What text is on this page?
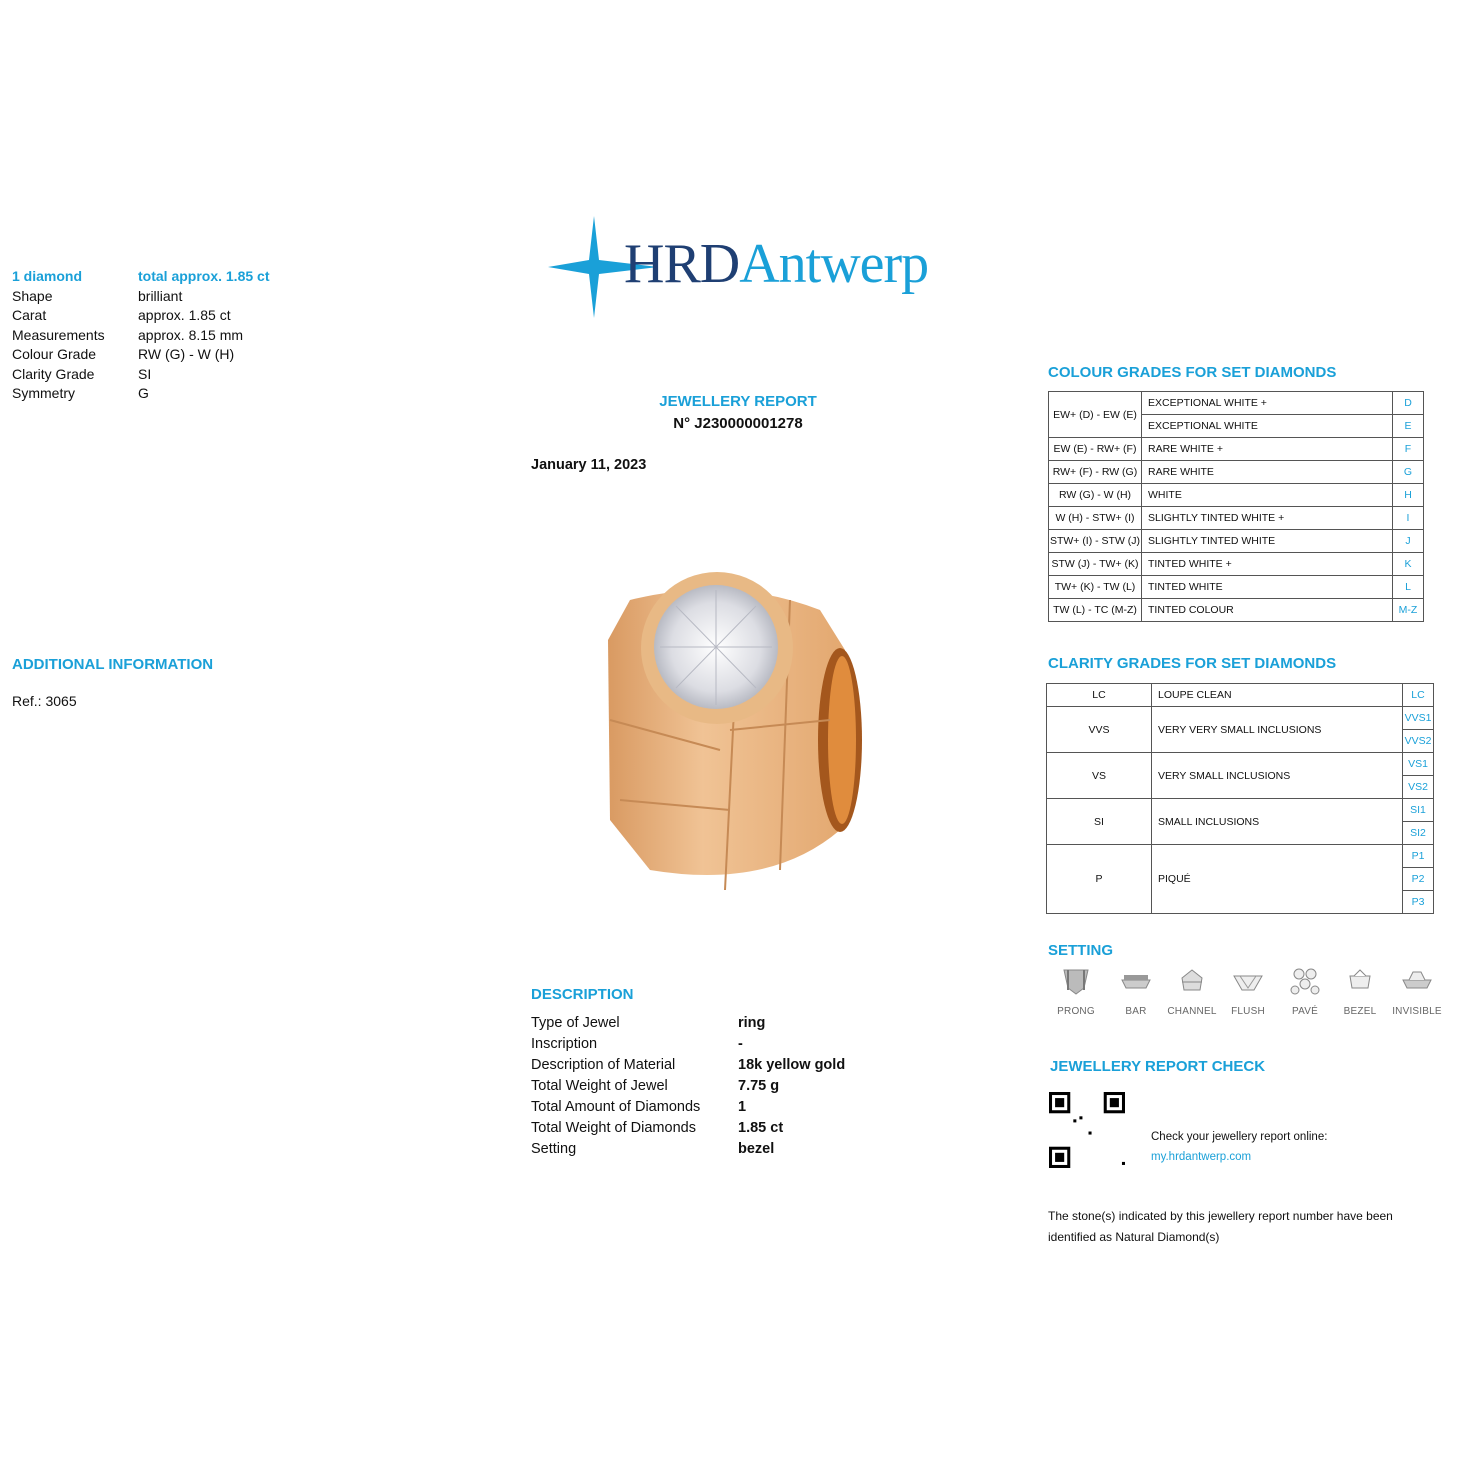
HRDAntwerp
1 diamond	total approx. 1.85 ct
Shape	brilliant
Carat	approx. 1.85 ct
Measurements approx. 8.15 mm
Colour Grade	RW (G) - W (H)
Clarity Grade	SI
Symmetry	G
ADDITIONAL INFORMATION
Ref.: 3065
JEWELLERY REPORT
N° J230000001278
January 11, 2023
DESCRIPTION
Type of Jewel	ring
Inscription	-
Description of Material	18k yellow gold
Total Weight of Jewel	7.75 g
Total Amount of Diamonds	1
Total Weight of Diamonds	1.85 ct
Setting	bezel
COLOUR GRADES FOR SET DIAMONDS
EW+ (D) - EW (E)	EXCEPTIONAL WHITE +	D
	EXCEPTIONAL WHITE	E
EW (E) - RW+ (F)	RARE WHITE +	F
RW+ (F) - RW (G)	RARE WHITE	G
RW (G) - W (H)	WHITE	H
W (H) - STW+ (I)	SLIGHTLY TINTED WHITE +	I
STW+ (I) - STW (J)	SLIGHTLY TINTED WHITE	J
STW (J) - TW+ (K)	TINTED WHITE +	K
TW+ (K) - TW (L)	TINTED WHITE	L
TW (L) - TC (M-Z)	TINTED COLOUR	M-Z
CLARITY GRADES FOR SET DIAMONDS
LC	LOUPE CLEAN	LC
VVS	VERY VERY SMALL INCLUSIONS	VVS1
		VVS2
VS	VERY SMALL INCLUSIONS	VS1
		VS2
SI	SMALL INCLUSIONS	SI1
		SI2
P	PIQUÉ	P1
		P2
		P3
SETTING
PRONG	BAR	CHANNEL	FLUSH	PAVÉ	BEZEL	INVISIBLE
JEWELLERY REPORT CHECK
Check your jewellery report online:
my.hrdantwerp.com
The stone(s) indicated by this jewellery report number have been identified as Natural Diamond(s)
